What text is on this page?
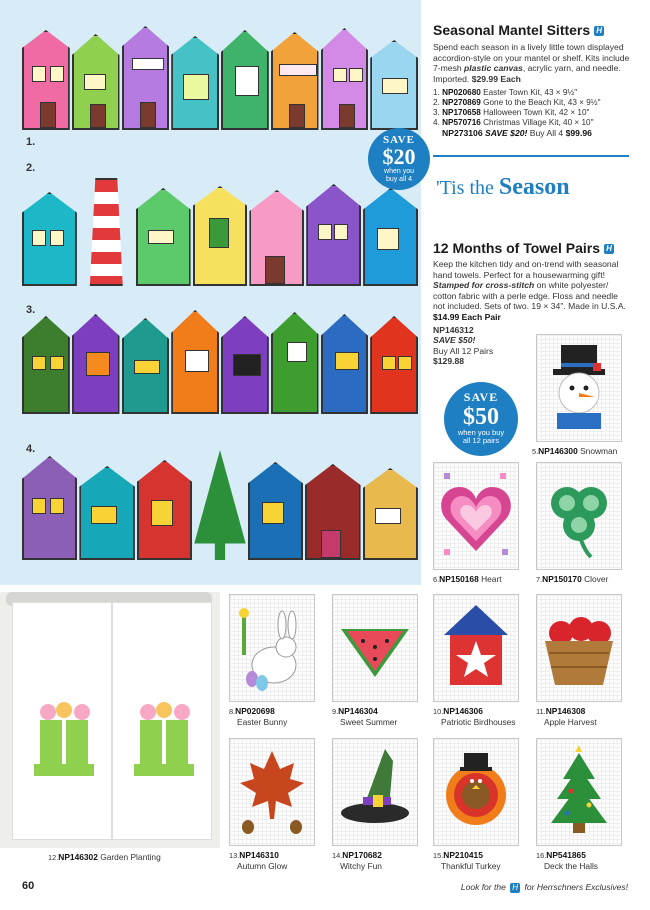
1.
2.
3.
4.
SAVE
$20
when you
buy all 4
Seasonal Mantel Sitters H
Spend each season in a lively little town displayed accordion-style on your mantel or shelf. Kits include 7-mesh plastic canvas, acrylic yarn, and needle. Imported. $29.99 Each
1. NP020680 Easter Town Kit, 43 × 9½"
2. NP270869 Gone to the Beach Kit, 43 × 9½"
3. NP170658 Halloween Town Kit, 42 × 10"
4. NP570716 Christmas Village Kit, 40 × 10"
NP273106 SAVE $20! Buy All 4 $99.96
'Tis the Season
12 Months of Towel Pairs H
Keep the kitchen tidy and on-trend with seasonal hand towels. Perfect for a housewarming gift! Stamped for cross-stitch on white polyester/ cotton fabric with a perle edge. Floss and needle not included. Sets of two. 19 × 34". Made in U.S.A.
$14.99 Each Pair
NP146312
SAVE $50!
Buy All 12 Pairs
$129.88
SAVE
$50
when you buy
all 12 pairs
5.NP146300 Snowman
6.NP150168 Heart	7.NP150170 Clover
12.NP146302 Garden Planting
8.NP020698
Easter Bunny
9.NP146304
Sweet Summer
10.NP146306
Patriotic Birdhouses
11.NP146308
Apple Harvest
13.NP146310
Autumn Glow
14.NP170682
Witchy Fun
15.NP210415
Thankful Turkey
16.NP541865
Deck the Halls
60	Look for the H for Herrschners Exclusives!
